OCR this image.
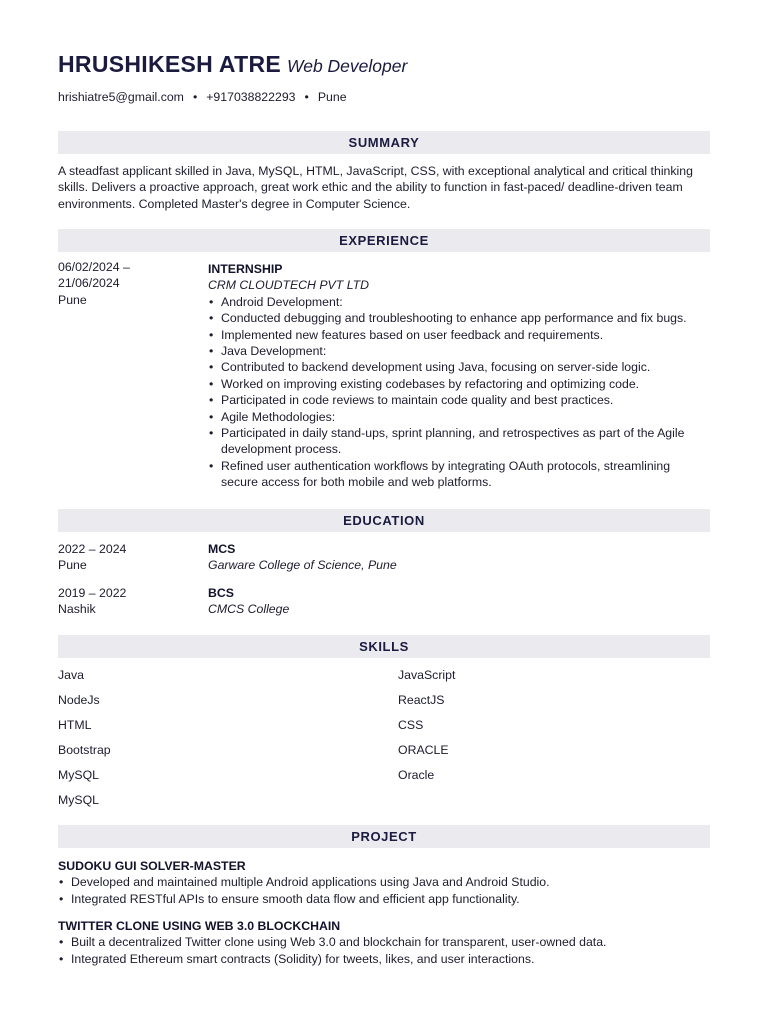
HRUSHIKESH ATRE Web Developer
hrishiatre5@gmail.com • +917038822293 • Pune
SUMMARY
A steadfast applicant skilled in Java, MySQL, HTML, JavaScript, CSS, with exceptional analytical and critical thinking skills. Delivers a proactive approach, great work ethic and the ability to function in fast-paced/ deadline-driven team environments. Completed Master's degree in Computer Science.
EXPERIENCE
06/02/2024 –
21/06/2024
Pune
INTERNSHIP
CRM CLOUDTECH PVT LTD
• Android Development:
• Conducted debugging and troubleshooting to enhance app performance and fix bugs.
• Implemented new features based on user feedback and requirements.
• Java Development:
• Contributed to backend development using Java, focusing on server-side logic.
• Worked on improving existing codebases by refactoring and optimizing code.
• Participated in code reviews to maintain code quality and best practices.
• Agile Methodologies:
• Participated in daily stand-ups, sprint planning, and retrospectives as part of the Agile development process.
• Refined user authentication workflows by integrating OAuth protocols, streamlining secure access for both mobile and web platforms.
EDUCATION
2022 – 2024
Pune
MCS
Garware College of Science, Pune
2019 – 2022
Nashik
BCS
CMCS College
SKILLS
Java
NodeJs
HTML
Bootstrap
MySQL
MySQL
JavaScript
ReactJS
CSS
ORACLE
Oracle
PROJECT
SUDOKU GUI SOLVER-MASTER
• Developed and maintained multiple Android applications using Java and Android Studio.
• Integrated RESTful APIs to ensure smooth data flow and efficient app functionality.
TWITTER CLONE USING WEB 3.0 BLOCKCHAIN
• Built a decentralized Twitter clone using Web 3.0 and blockchain for transparent, user-owned data.
• Integrated Ethereum smart contracts (Solidity) for tweets, likes, and user interactions.
